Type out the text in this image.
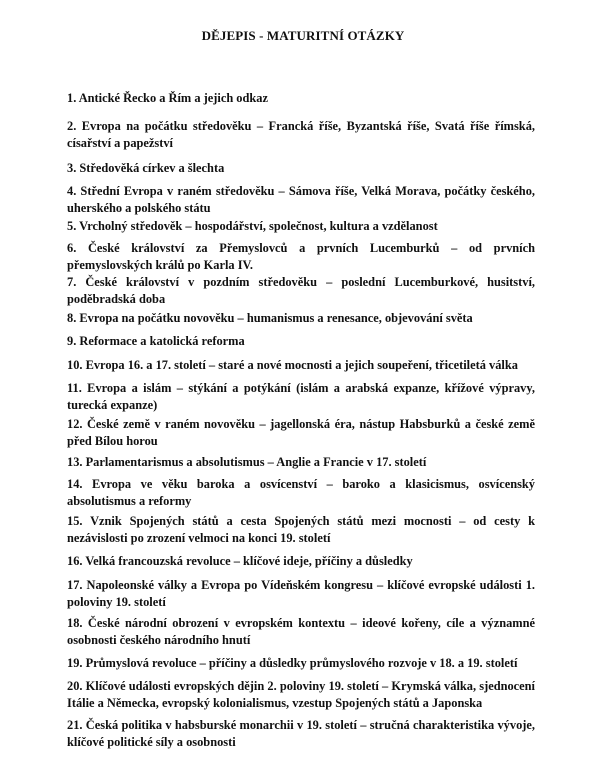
DĚJEPIS - MATURITNÍ OTÁZKY
1. Antické Řecko a Řím a jejich odkaz
2. Evropa na počátku středověku – Francká říše, Byzantská říše, Svatá říše římská, císařství a papežství
3. Středověká církev a šlechta
4. Střední Evropa v raném středověku – Sámova říše, Velká Morava, počátky českého, uherského a polského státu
5. Vrcholný středověk – hospodářství, společnost, kultura a vzdělanost
6. České království za Přemyslovců a prvních Lucemburků – od prvních přemyslovských králů po Karla IV.
7. České království v pozdním středověku – poslední Lucemburkové, husitství, poděbradská doba
8. Evropa na počátku novověku – humanismus a renesance, objevování světa
9. Reformace a katolická reforma
10. Evropa 16. a 17. století – staré a nové mocnosti a jejich soupeření, třicetiletá válka
11. Evropa a islám – stýkání a potýkání (islám a arabská expanze, křížové výpravy, turecká expanze)
12. České země v raném novověku – jagellonská éra, nástup Habsburků a české země před Bílou horou
13. Parlamentarismus a absolutismus – Anglie a Francie v 17. století
14. Evropa ve věku baroka a osvícenství – baroko a klasicismus, osvícenský absolutismus a reformy
15. Vznik Spojených států a cesta Spojených států mezi mocnosti – od cesty k nezávislosti po zrození velmoci na konci 19. století
16. Velká francouzská revoluce – klíčové ideje, příčiny a důsledky
17. Napoleonské války a Evropa po Vídeňském kongresu – klíčové evropské události 1. poloviny 19. století
18. České národní obrození v evropském kontextu – ideové kořeny, cíle a významné osobnosti českého národního hnutí
19. Průmyslová revoluce – příčiny a důsledky průmyslového rozvoje v 18. a 19. století
20. Klíčové události evropských dějin 2. poloviny 19. století – Krymská válka, sjednocení Itálie a Německa, evropský kolonialismus, vzestup Spojených států a Japonska
21. Česká politika v habsburské monarchii v 19. století – stručná charakteristika vývoje, klíčové politické síly a osobnosti
